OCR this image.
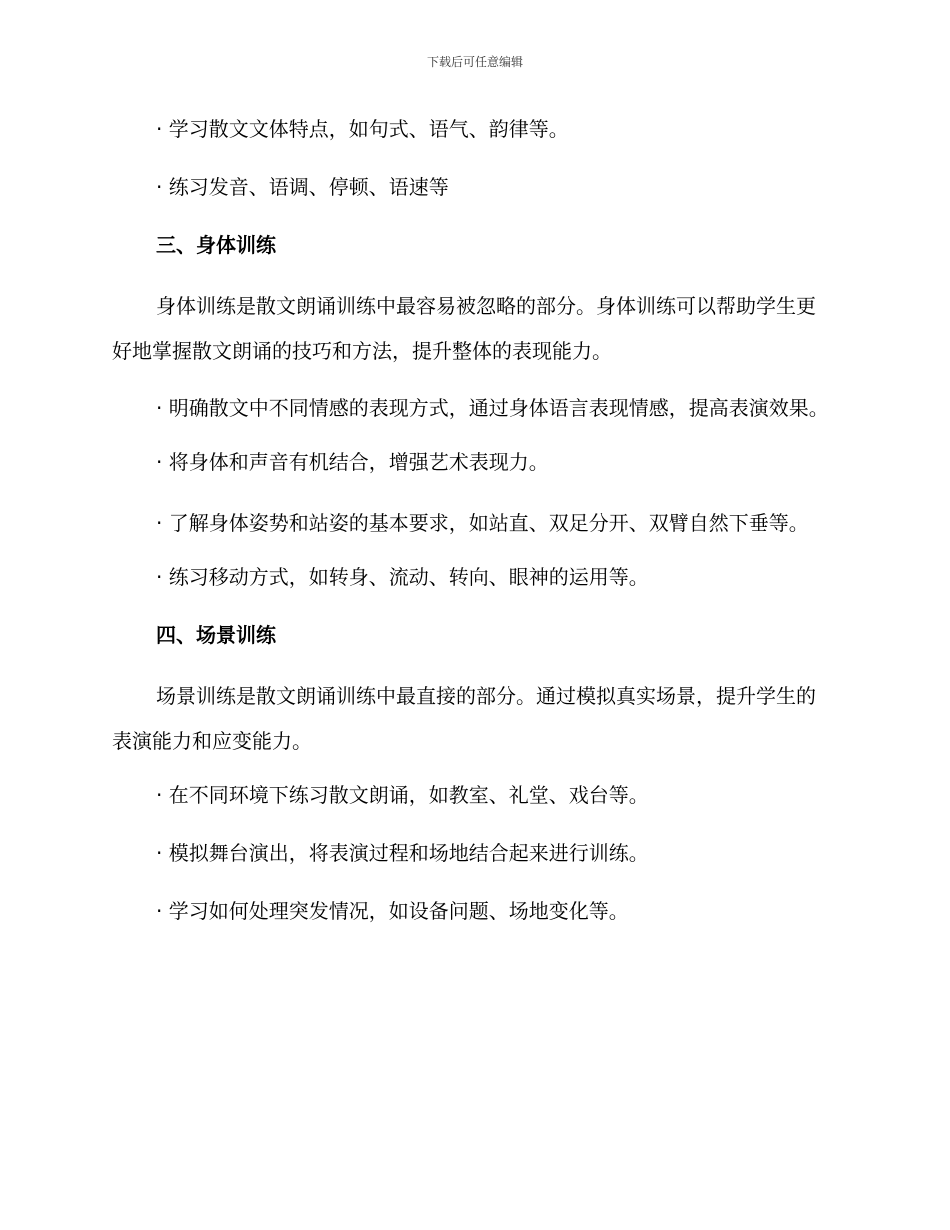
下载后可任意编辑

· 学习散文文体特点，如句式、语气、韵律等。

· 练习发音、语调、停顿、语速等

三、身体训练

身体训练是散文朗诵训练中最容易被忽略的部分。身体训练可以帮助学生更好地掌握散文朗诵的技巧和方法，提升整体的表现能力。

· 明确散文中不同情感的表现方式，通过身体语言表现情感，提高表演效果。

· 将身体和声音有机结合，增强艺术表现力。

· 了解身体姿势和站姿的基本要求，如站直、双足分开、双臂自然下垂等。

· 练习移动方式，如转身、流动、转向、眼神的运用等。

四、场景训练

场景训练是散文朗诵训练中最直接的部分。通过模拟真实场景，提升学生的表演能力和应变能力。

· 在不同环境下练习散文朗诵，如教室、礼堂、戏台等。

· 模拟舞台演出，将表演过程和场地结合起来进行训练。

· 学习如何处理突发情况，如设备问题、场地变化等。
